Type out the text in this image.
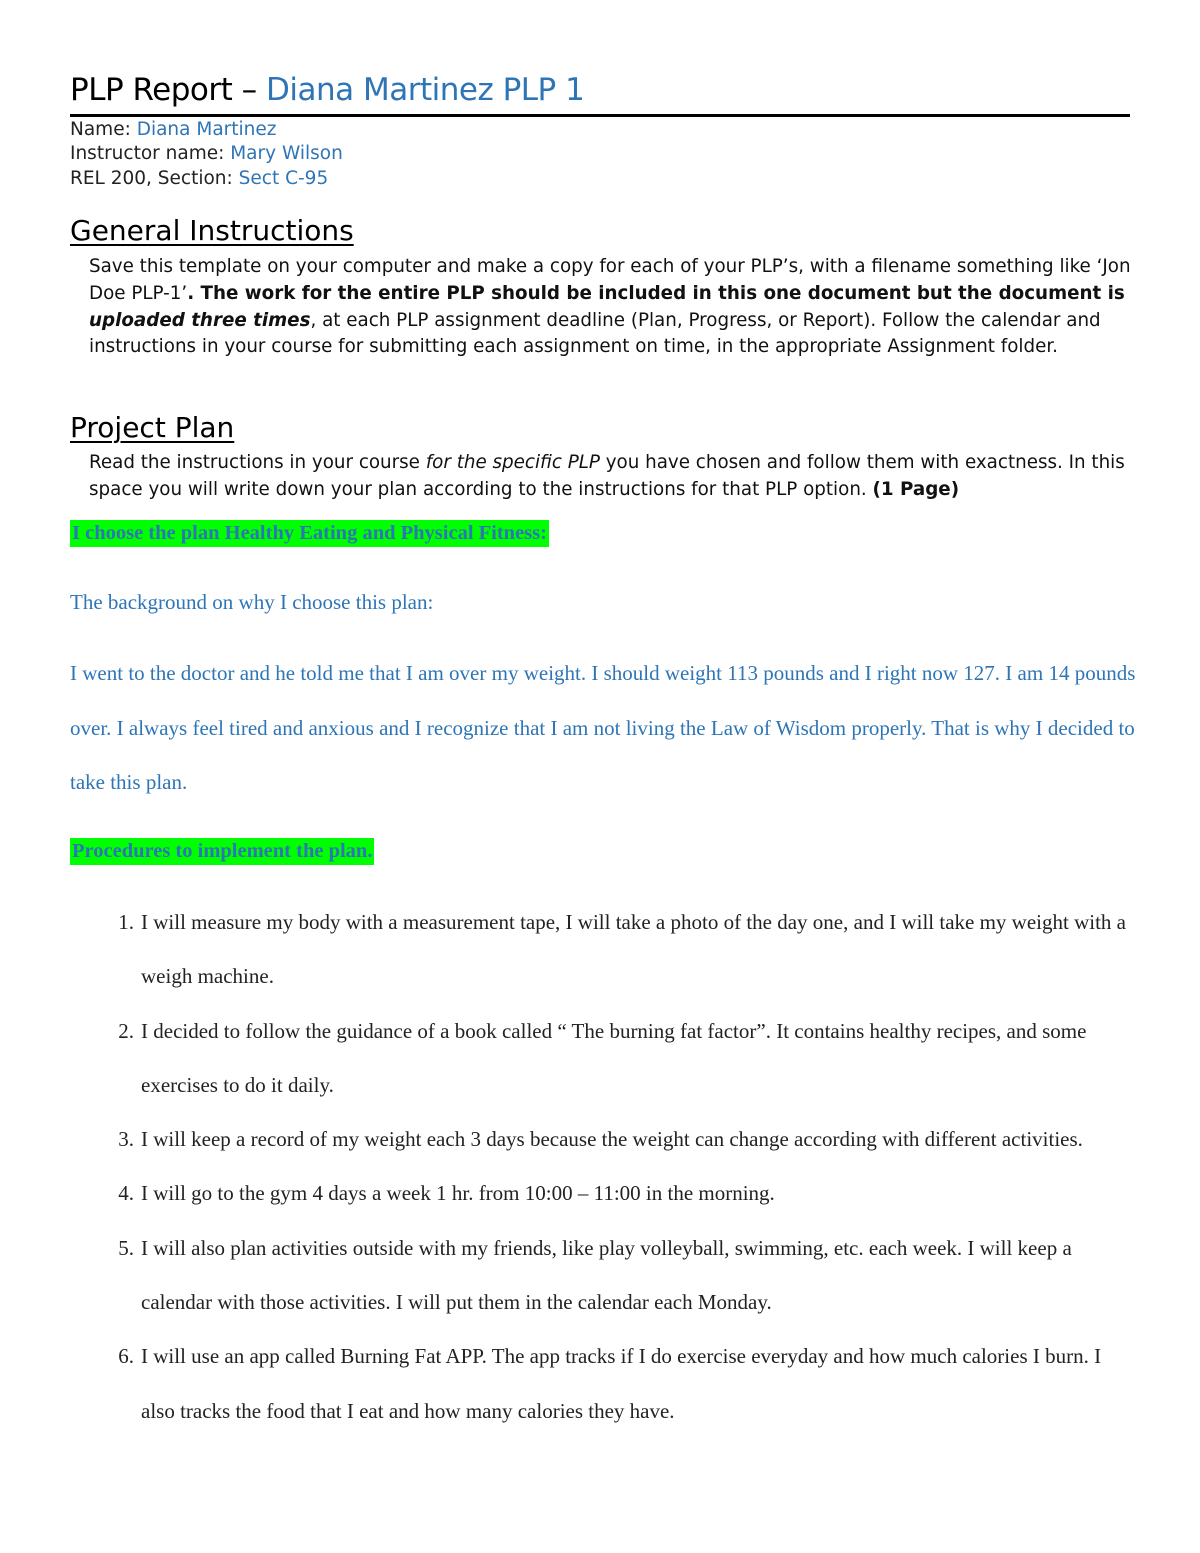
PLP Report – Diana Martinez PLP 1
Name: Diana Martinez
Instructor name: Mary Wilson
REL 200, Section: Sect C-95
General Instructions
Save this template on your computer and make a copy for each of your PLP’s, with a filename something like ‘Jon Doe PLP-1’. The work for the entire PLP should be included in this one document but the document is uploaded three times, at each PLP assignment deadline (Plan, Progress, or Report). Follow the calendar and instructions in your course for submitting each assignment on time, in the appropriate Assignment folder.
Project Plan
Read the instructions in your course for the specific PLP you have chosen and follow them with exactness. In this space you will write down your plan according to the instructions for that PLP option. (1 Page)
I choose the plan Healthy Eating and Physical Fitness:
The background on why I choose this plan:
I went to the doctor and he told me that I am over my weight. I should weight 113 pounds and I right now 127. I am 14 pounds over. I always feel tired and anxious and I recognize that I am not living the Law of Wisdom properly. That is why I decided to take this plan.
Procedures to implement the plan.
1. I will measure my body with a measurement tape, I will take a photo of the day one, and I will take my weight with a weigh machine.
2. I decided to follow the guidance of a book called “ The burning fat factor”. It contains healthy recipes, and some exercises to do it daily.
3. I will keep a record of my weight each 3 days because the weight can change according with different activities.
4. I will go to the gym 4 days a week 1 hr. from 10:00 – 11:00 in the morning.
5. I will also plan activities outside with my friends, like play volleyball, swimming, etc. each week. I will keep a calendar with those activities. I will put them in the calendar each Monday.
6. I will use an app called Burning Fat APP. The app tracks if I do exercise everyday and how much calories I burn. I also tracks the food that I eat and how many calories they have.
